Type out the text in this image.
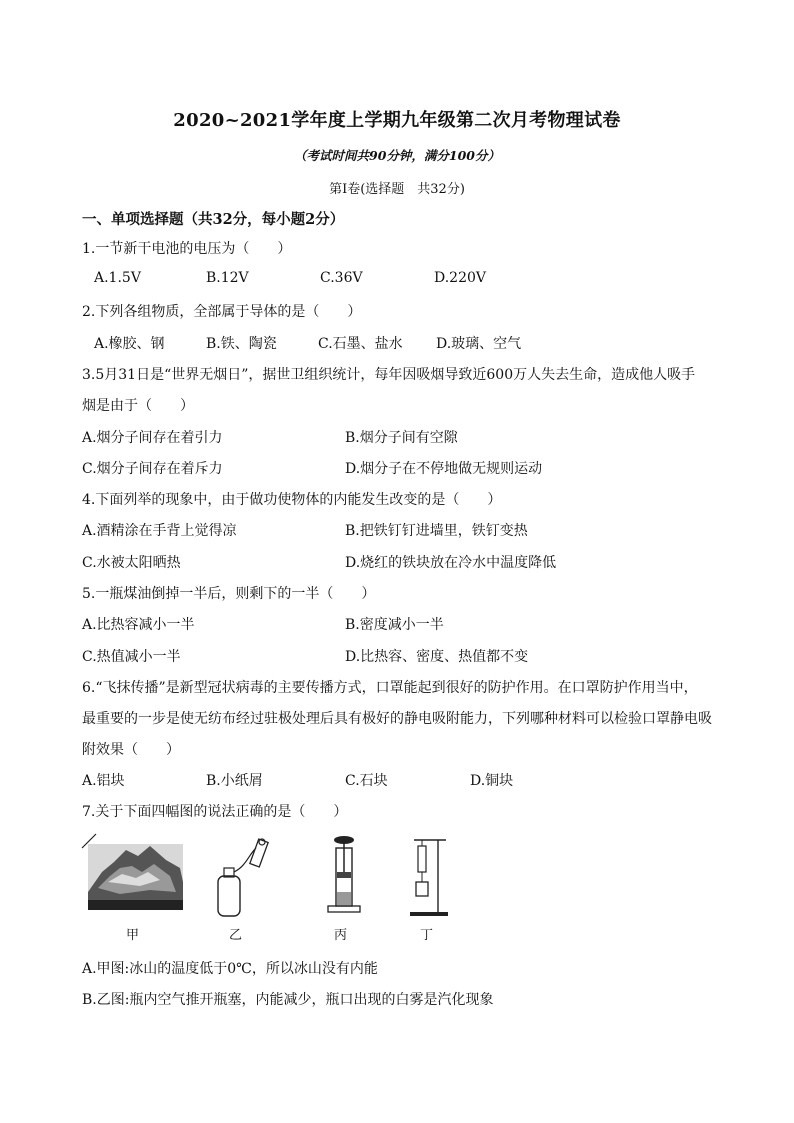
2020~2021学年度上学期九年级第二次月考物理试卷
（考试时间共90分钟，满分100分）
第Ⅰ卷(选择题　共32分)
一、单项选择题（共32分，每小题2分）
1.一节新干电池的电压为（　　）
A.1.5V	B.12V	C.36V	D.220V
2.下列各组物质，全部属于导体的是（　　）
A.橡胶、钢	B.铁、陶瓷	C.石墨、盐水 D.玻璃、空气
3.5月31日是“世界无烟日”，据世卫组织统计，每年因吸烟导致近600万人失去生命，造成他人吸手
烟是由于（　　）
A.烟分子间存在着引力	B.烟分子间有空隙
C.烟分子间存在着斥力	D.烟分子在不停地做无规则运动
4.下面列举的现象中，由于做功使物体的内能发生改变的是（　　）
A.酒精涂在手背上觉得凉	B.把铁钉钉进墙里，铁钉变热
C.水被太阳晒热	D.烧红的铁块放在冷水中温度降低
5.一瓶煤油倒掉一半后，则剩下的一半（　　）
A.比热容减小一半	B.密度减小一半
C.热值减小一半	D.比热容、密度、热值都不变
6.“飞抹传播”是新型冠状病毒的主要传播方式，口罩能起到很好的防护作用。在口罩防护作用当中，
最重要的一步是使无纺布经过驻极处理后具有极好的静电吸附能力，下列哪种材料可以检验口罩静电吸
附效果（　　）
A.铝块	B.小纸屑	C.石块	D.铜块
7.关于下面四幅图的说法正确的是（　　）
甲	乙	丙	丁
A.甲图:冰山的温度低于0℃，所以冰山没有内能
B.乙图:瓶内空气推开瓶塞，内能减少，瓶口出现的白雾是汽化现象
